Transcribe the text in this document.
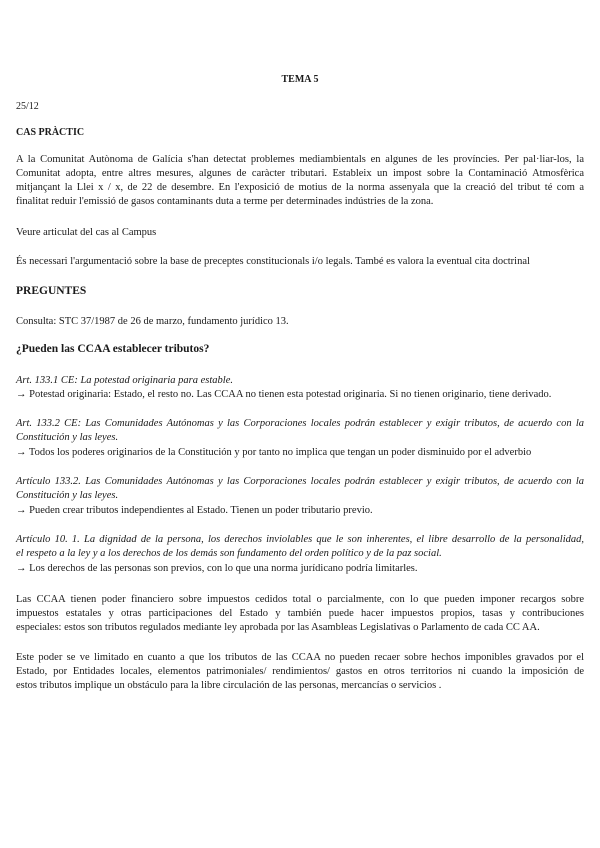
TEMA 5
25/12
CAS PRÀCTIC
A la Comunitat Autònoma de Galícia s'han detectat problemes mediambientals en algunes de les províncies. Per pal·liar-los, la
Comunitat adopta, entre altres mesures, algunes de caràcter tributari. Estableix un impost sobre la Contaminació Atmosfèrica
mitjançant la Llei x / x, de 22 de desembre. En l'exposició de motius de la norma assenyala que la creació del tribut té com a
finalitat reduir l'emissió de gasos contaminants duta a terme per determinades indústries de la zona.
Veure articulat del cas al Campus
És necessari l'argumentació sobre la base de preceptes constitucionals i/o legals. També es valora la eventual cita doctrinal
PREGUNTES
Consulta: STC 37/1987 de 26 de marzo, fundamento jurídico 13.
¿Pueden las CCAA establecer tributos?
Art. 133.1 CE: La potestad originaria para estable.
→ Potestad originaria: Estado, el resto no. Las CCAA no tienen esta potestad originaria. Si no tienen originario, tiene derivado.
Art. 133.2 CE: Las Comunidades Autónomas y las Corporaciones locales podrán establecer y exigir tributos, de acuerdo con la
Constitución y las leyes.
→ Todos los poderes originarios de la Constitución y por tanto no implica que tengan un poder disminuido por el adverbio
Artículo 133.2. Las Comunidades Autónomas y las Corporaciones locales podrán establecer y exigir tributos, de acuerdo con la
Constitución y las leyes.
→ Pueden crear tributos independientes al Estado. Tienen un poder tributario previo.
Artículo 10. 1. La dignidad de la persona, los derechos inviolables que le son inherentes, el libre desarrollo de la personalidad,
el respeto a la ley y a los derechos de los demás son fundamento del orden político y de la paz social.
→ Los derechos de las personas son previos, con lo que una norma jurídicano podría limitarles.
Las CCAA tienen poder financiero sobre impuestos cedidos total o parcialmente, con lo que pueden imponer recargos sobre
impuestos estatales y otras participaciones del Estado y también puede hacer impuestos propios, tasas y contribuciones
especiales: estos son tributos regulados mediante ley aprobada por las Asambleas Legislativas o Parlamento de cada CC AA.
Este poder se ve limitado en cuanto a que los tributos de las CCAA no pueden recaer sobre hechos imponibles gravados por el
Estado, por Entidades locales, elementos patrimoniales/ rendimientos/ gastos en otros territorios ni cuando la imposición de
estos tributos implique un obstáculo para la libre circulación de las personas, mercancías o servicios .
